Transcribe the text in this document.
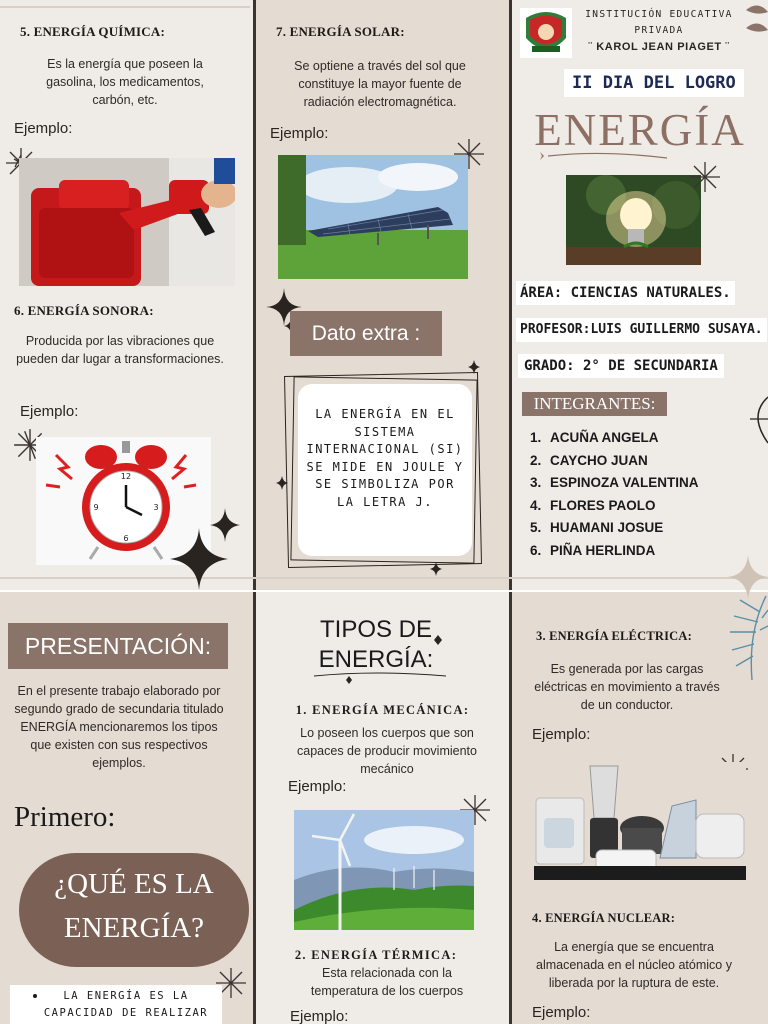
5. ENERGÍA QUÍMICA:
Es la energía que poseen la gasolina, los medicamentos, carbón, etc.
Ejemplo:
6. ENERGÍA SONORA:
Producida por las vibraciones que pueden dar lugar a transformaciones.
Ejemplo:
12
3
6
9
7. ENERGÍA SOLAR:
Se optiene a través del sol que constituye la mayor fuente de radiación electromagnética.
Ejemplo:
Dato extra :
LA ENERGÍA EN EL SISTEMA INTERNACIONAL (SI) SE MIDE EN JOULE Y SE SIMBOLIZA POR LA LETRA J.
INSTITUCIÓN EDUCATIVA
PRIVADA
¨ KAROL JEAN PIAGET ¨
II DIA DEL LOGRO
ENERGÍA
ÁREA: CIENCIAS NATURALES.
PROFESOR:LUIS GUILLERMO SUSAYA.
GRADO: 2° DE SECUNDARIA
INTEGRANTES:
1. ACUÑA ANGELA
2. CAYCHO JUAN
3. ESPINOZA VALENTINA
4. FLORES PAOLO
5. HUAMANI JOSUE
6. PIÑA HERLINDA
PRESENTACIÓN:
En el presente trabajo elaborado por segundo grado de secundaria titulado ENERGÍA mencionaremos los tipos que existen con sus respectivos ejemplos.
Primero:
¿QUÉ ES LA
ENERGÍA?
LA ENERGÍA ES LA CAPACIDAD DE REALIZAR
TIPOS DE
ENERGÍA:
1. ENERGÍA MECÁNICA:
Lo poseen los cuerpos que son capaces de producir movimiento mecánico
Ejemplo:
2. ENERGÍA TÉRMICA:
Esta relacionada con la temperatura de los cuerpos
Ejemplo:
3. ENERGÍA ELÉCTRICA:
Es generada por las cargas eléctricas en movimiento a través de un conductor.
Ejemplo:
4. ENERGÍA NUCLEAR:
La energía que se encuentra almacenada en el núcleo atómico y liberada por la ruptura de este.
Ejemplo:
